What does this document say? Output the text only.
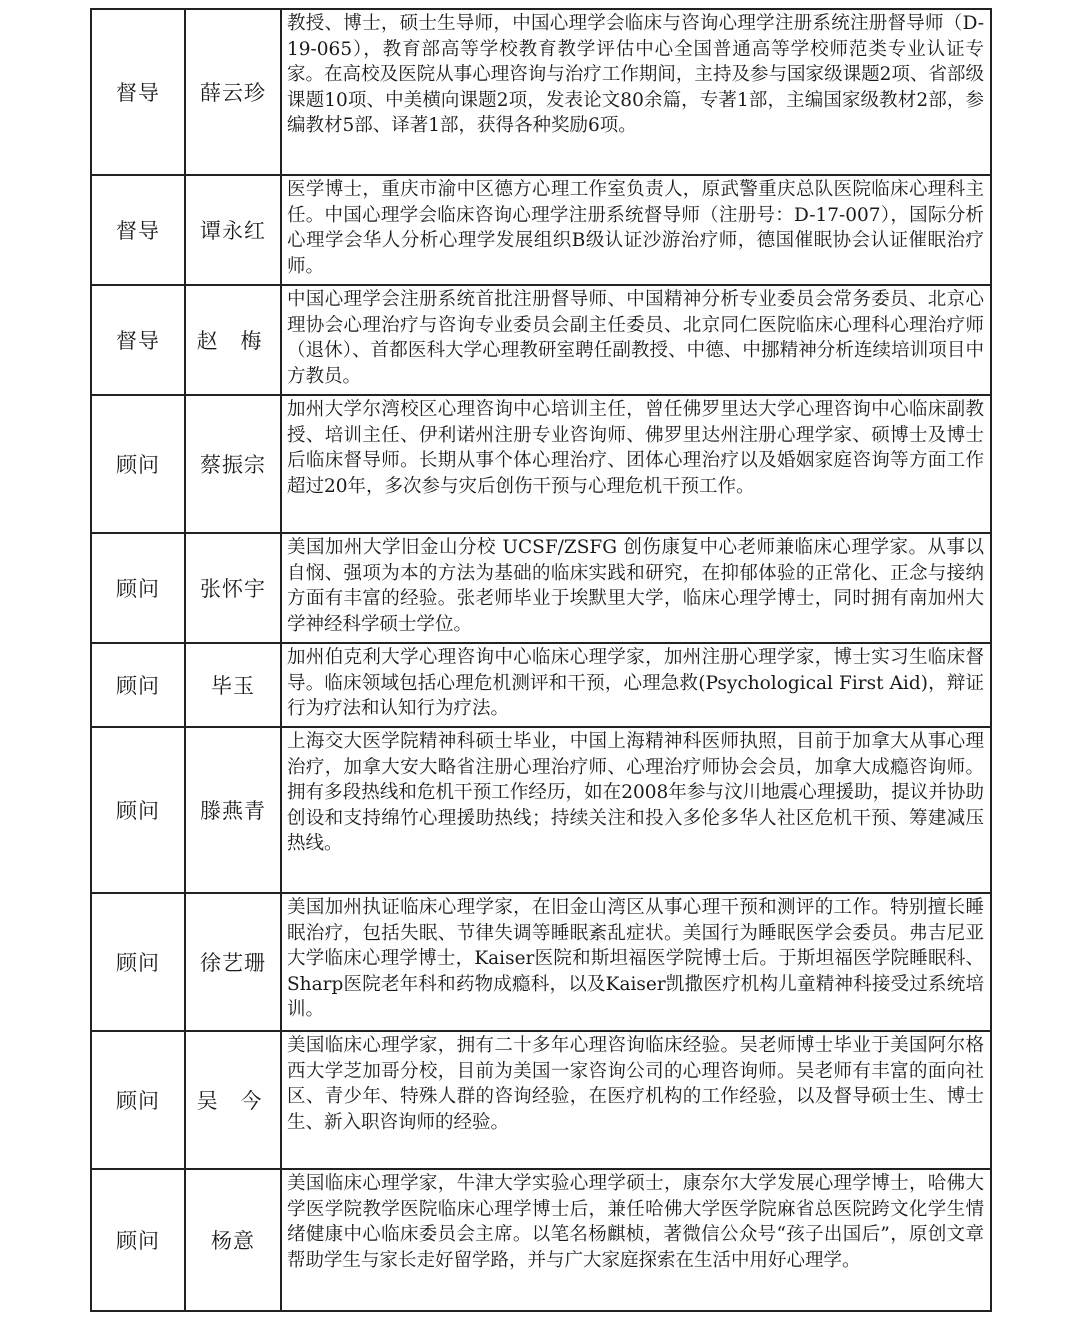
督导	薛云珍	教授、博士，硕士生导师，中国心理学会临床与咨询心理学注册系统注册督导师（D-19-065），教育部高等学校教育教学评估中心全国普通高等学校师范类专业认证专家。在高校及医院从事心理咨询与治疗工作期间，主持及参与国家级课题2项、省部级课题10项、中美横向课题2项，发表论文80余篇，专著1部，主编国家级教材2部，参编教材5部、译著1部，获得各种奖励6项。
督导	谭永红	医学博士，重庆市渝中区德方心理工作室负责人，原武警重庆总队医院临床心理科主任。中国心理学会临床咨询心理学注册系统督导师（注册号：D-17-007），国际分析心理学会华人分析心理学发展组织B级认证沙游治疗师，德国催眠协会认证催眠治疗师。
督导	赵 梅	中国心理学会注册系统首批注册督导师、中国精神分析专业委员会常务委员、北京心理协会心理治疗与咨询专业委员会副主任委员、北京同仁医院临床心理科心理治疗师（退休）、首都医科大学心理教研室聘任副教授、中德、中挪精神分析连续培训项目中方教员。
顾问	蔡振宗	加州大学尔湾校区心理咨询中心培训主任，曾任佛罗里达大学心理咨询中心临床副教授、培训主任、伊利诺州注册专业咨询师、佛罗里达州注册心理学家、硕博士及博士后临床督导师。长期从事个体心理治疗、团体心理治疗以及婚姻家庭咨询等方面工作超过20年，多次参与灾后创伤干预与心理危机干预工作。
顾问	张怀宇	美国加州大学旧金山分校 UCSF/ZSFG 创伤康复中心老师兼临床心理学家。从事以自悯、强项为本的方法为基础的临床实践和研究，在抑郁体验的正常化、正念与接纳方面有丰富的经验。张老师毕业于埃默里大学，临床心理学博士，同时拥有南加州大学神经科学硕士学位。
顾问	毕玉	加州伯克利大学心理咨询中心临床心理学家，加州注册心理学家，博士实习生临床督导。临床领域包括心理危机测评和干预，心理急救(Psychological First Aid)，辩证行为疗法和认知行为疗法。
顾问	滕燕青	上海交大医学院精神科硕士毕业，中国上海精神科医师执照，目前于加拿大从事心理治疗，加拿大安大略省注册心理治疗师、心理治疗师协会会员，加拿大成瘾咨询师。拥有多段热线和危机干预工作经历，如在2008年参与汶川地震心理援助，提议并协助创设和支持绵竹心理援助热线；持续关注和投入多伦多华人社区危机干预、筹建减压热线。
顾问	徐艺珊	美国加州执证临床心理学家，在旧金山湾区从事心理干预和测评的工作。特别擅长睡眠治疗，包括失眠、节律失调等睡眠紊乱症状。美国行为睡眠医学会委员。弗吉尼亚大学临床心理学博士，Kaiser医院和斯坦福医学院博士后。于斯坦福医学院睡眠科、Sharp医院老年科和药物成瘾科，以及Kaiser凯撒医疗机构儿童精神科接受过系统培训。
顾问	吴 今	美国临床心理学家，拥有二十多年心理咨询临床经验。吴老师博士毕业于美国阿尔格西大学芝加哥分校，目前为美国一家咨询公司的心理咨询师。吴老师有丰富的面向社区、青少年、特殊人群的咨询经验，在医疗机构的工作经验，以及督导硕士生、博士生、新入职咨询师的经验。
顾问	杨意	美国临床心理学家，牛津大学实验心理学硕士，康奈尔大学发展心理学博士，哈佛大学医学院教学医院临床心理学博士后，兼任哈佛大学医学院麻省总医院跨文化学生情绪健康中心临床委员会主席。以笔名杨麒桢，著微信公众号“孩子出国后”，原创文章帮助学生与家长走好留学路，并与广大家庭探索在生活中用好心理学。
